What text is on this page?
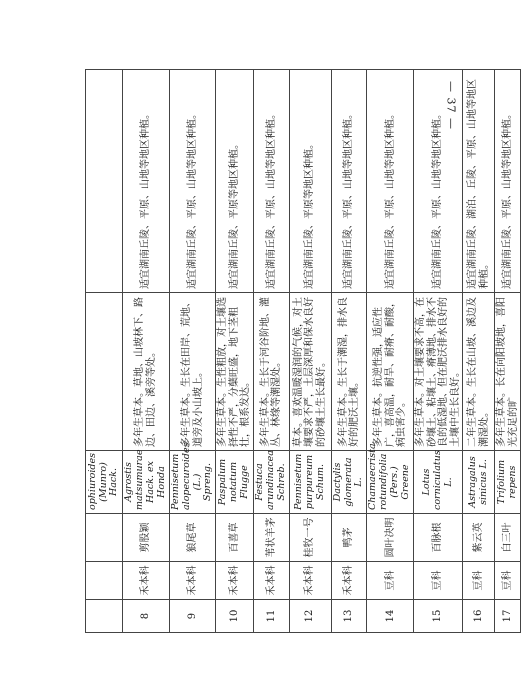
— 37 —
			ophiuroides (Munro) Hack.		
8	禾本科	剪股颖	Agrostis matsumurae Hack. ex Honda	多年生草本。草地、山坡林下、路边、田边、溪旁等处。	适宜湖南丘陵、平原、山地等地区种植。
9	禾本科	狼尾草	Pennisetum alopecuroides (L.) Spreng.	多年生草本。生长在田岸、荒地、道旁及小山坡上。	适宜湖南丘陵、平原、山地等地区种植。
10	禾本科	百喜草	Paspalum notatum Flugge	多年生草本。生性粗放，对土壤选择性不严，分蘖旺盛，地下茎粗壮，根系发达。	适宜湖南丘陵、平原等地区种植。
11	禾本科	苇状羊茅	Festuca arundinacea Schreb.	多年生草本。生长于河谷阶地、灌丛、林缘等潮湿处。	适宜湖南丘陵、平原、山地等地区种植。
12	禾本科	桂牧一号	Pennisetum purpureum Schum.	草本。喜欢温暖湿润的气候，对土壤要求不严，土层深厚和保水良好的砂壤土生长最好。	适宜湖南丘陵、平原等地区种植。
13	禾本科	鸭茅	Dactylis glomerata L.	多年生草本。生长于潮湿，排水良好的肥沃土壤。	适宜湖南丘陵、平原、山地等地区种植。
14	豆科	圆叶决明	Chamaecrista rotundifolia (Pers.) Greene	多年生草本。抗逆性强，适应性广，喜高温，耐旱、耐瘠、耐酸，病虫害少。	适宜湖南丘陵、平原、山地等地区种植。
15	豆科	百脉根	Lotus corniculatus L.	多年生草本。对土壤要求不高，在砂壤土、粘壤土、瘠薄地、排水不良的低湿地、但在肥沃排水良好的土壤中生长良好。	适宜湖南丘陵、平原、山地等地区种植。
16	豆科	紫云英	Astragalus sinicus L.	二年生草本。生长在山坡、溪边及潮湿处。	适宜湖南丘陵、湖泊、丘陵、平原、山地等地区种植。
17	豆科	白三叶	Trifolium repens	多年生草本。长在向阳坡地，喜阳光充足的旷	适宜湖南丘陵、平原、山地等地区种植。
